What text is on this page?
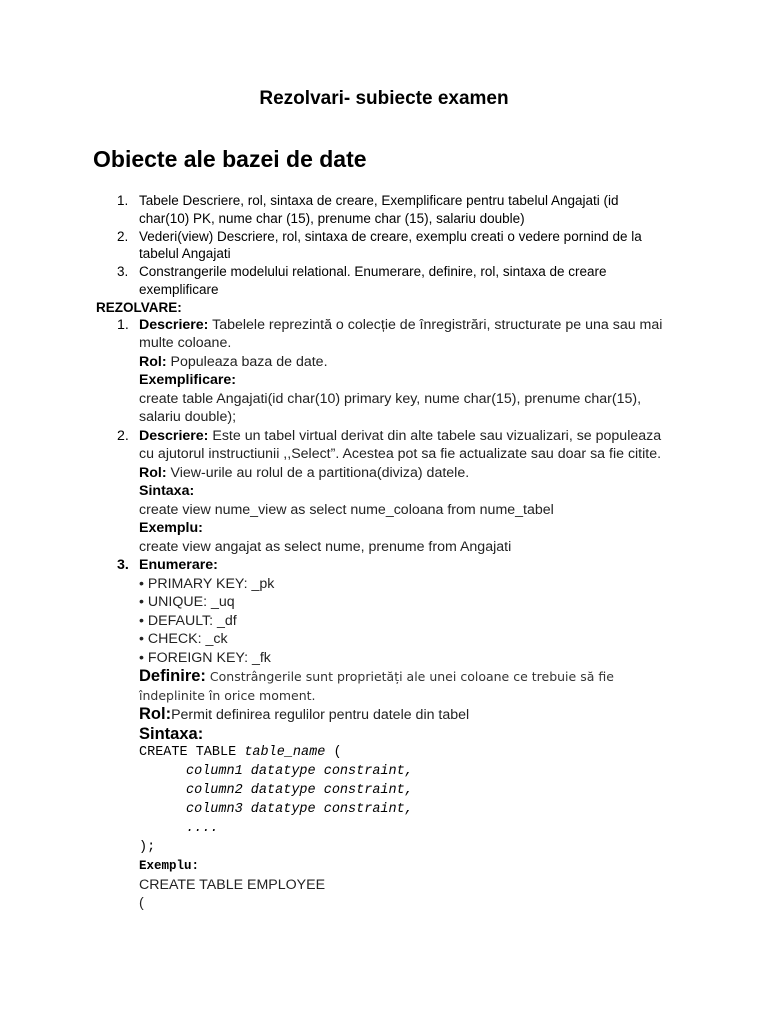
Rezolvari- subiecte examen
Obiecte ale bazei de date
1. Tabele Descriere, rol, sintaxa de creare, Exemplificare pentru tabelul Angajati (id char(10) PK, nume char (15), prenume char (15), salariu double)
2. Vederi(view) Descriere, rol, sintaxa de creare, exemplu creati o vedere pornind de la tabelul Angajati
3. Constrangerile modelului relational. Enumerare, definire, rol, sintaxa de creare exemplificare

REZOLVARE:

1. Descriere: Tabelele reprezintă o colecție de înregistrări, structurate pe una sau mai multe coloane.
Rol: Populeaza baza de date.
Exemplificare:
create table Angajati(id char(10) primary key, nume char(15), prenume char(15), salariu double);
2. Descriere: Este un tabel virtual derivat din alte tabele sau vizualizari, se populeaza cu ajutorul instructiunii ,,Select”. Acestea pot sa fie actualizate sau doar sa fie citite.
Rol: View-urile au rolul de a partitiona(diviza) datele.
Sintaxa:
create view nume_view as select nume_coloana from nume_tabel
Exemplu:
create view angajat as select nume, prenume from Angajati
3. Enumerare:
• PRIMARY KEY: _pk
• UNIQUE: _uq
• DEFAULT: _df
• CHECK: _ck
• FOREIGN KEY: _fk
Definire: Constrângerile sunt proprietăți ale unei coloane ce trebuie să fie îndeplinite în orice moment.
Rol:Permit definirea regulilor pentru datele din tabel
Sintaxa:
CREATE TABLE table_name (
column1 datatype constraint,
column2 datatype constraint,
column3 datatype constraint,
....
);
Exemplu:
CREATE TABLE EMPLOYEE
(
